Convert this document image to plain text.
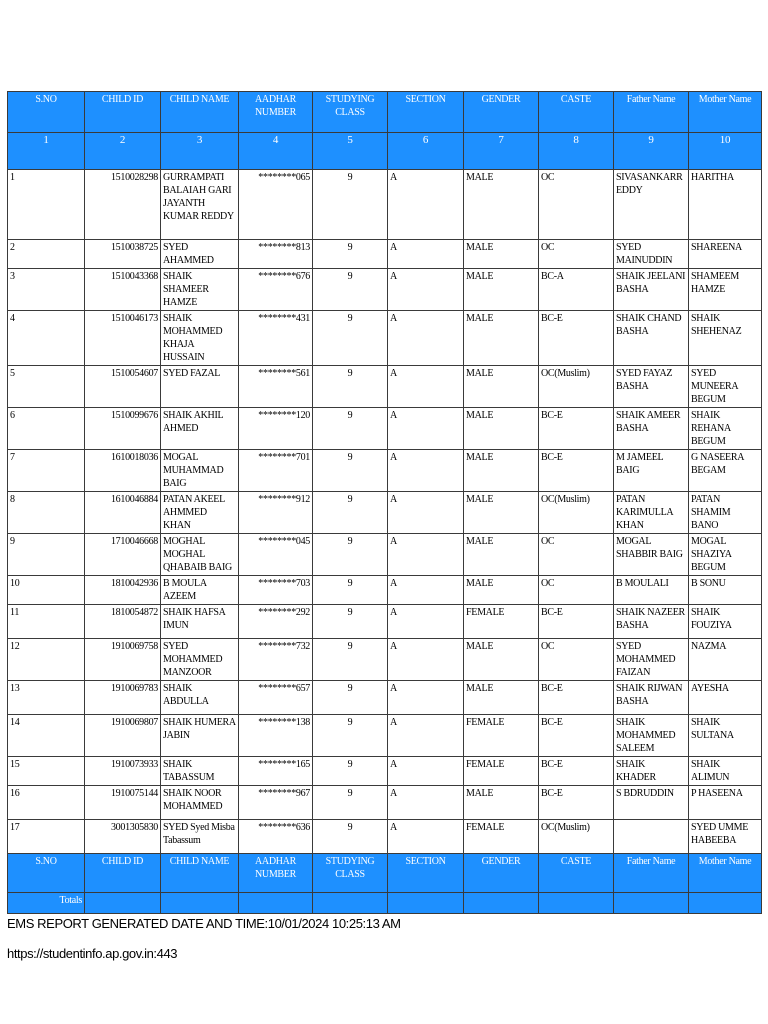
S.NO	CHILD ID	CHILD NAME	AADHAR NUMBER	STUDYING CLASS	SECTION	GENDER	CASTE	Father Name	Mother Name
1	2	3	4	5	6	7	8	9	10
1	1510028298	GURRAMPATI BALAIAH GARI JAYANTH KUMAR REDDY	********065	9	A	MALE	OC	SIVASANKARREDDY	HARITHA
2	1510038725	SYED AHAMMED	********813	9	A	MALE	OC	SYED MAINUDDIN	SHAREENA
3	1510043368	SHAIK SHAMEER HAMZE	********676	9	A	MALE	BC-A	SHAIK JEELANI BASHA	SHAMEEM HAMZE
4	1510046173	SHAIK MOHAMMED KHAJA HUSSAIN	********431	9	A	MALE	BC-E	SHAIK CHAND BASHA	SHAIK SHEHENAZ
5	1510054607	SYED FAZAL	********561	9	A	MALE	OC(Muslim)	SYED FAYAZ BASHA	SYED MUNEERA BEGUM
6	1510099676	SHAIK AKHIL AHMED	********120	9	A	MALE	BC-E	SHAIK AMEER BASHA	SHAIK REHANA BEGUM
7	1610018036	MOGAL MUHAMMAD BAIG	********701	9	A	MALE	BC-E	M JAMEEL BAIG	G NASEERA BEGAM
8	1610046884	PATAN AKEEL AHMMED KHAN	********912	9	A	MALE	OC(Muslim)	PATAN KARIMULLA KHAN	PATAN SHAMIM BANO
9	1710046668	MOGHAL MOGHAL QHABAIB BAIG	********045	9	A	MALE	OC	MOGAL SHABBIR BAIG	MOGAL SHAZIYA BEGUM
10	1810042936	B MOULA AZEEM	********703	9	A	MALE	OC	B MOULALI	B SONU
11	1810054872	SHAIK HAFSA IMUN	********292	9	A	FEMALE	BC-E	SHAIK NAZEER BASHA	SHAIK FOUZIYA
12	1910069758	SYED MOHAMMED MANZOOR	********732	9	A	MALE	OC	SYED MOHAMMED FAIZAN	NAZMA
13	1910069783	SHAIK ABDULLA	********657	9	A	MALE	BC-E	SHAIK RIJWAN BASHA	AYESHA
14	1910069807	SHAIK HUMERA JABIN	********138	9	A	FEMALE	BC-E	SHAIK MOHAMMED SALEEM	SHAIK SULTANA
15	1910073933	SHAIK TABASSUM	********165	9	A	FEMALE	BC-E	SHAIK KHADER	SHAIK ALIMUN
16	1910075144	SHAIK NOOR MOHAMMED	********967	9	A	MALE	BC-E	S BDRUDDIN	P HASEENA
17	3001305830	SYED Syed Misba Tabassum	********636	9	A	FEMALE	OC(Muslim)		SYED UMME HABEEBA
S.NO	CHILD ID	CHILD NAME	AADHAR NUMBER	STUDYING CLASS	SECTION	GENDER	CASTE	Father Name	Mother Name
Totals									
EMS REPORT GENERATED DATE AND TIME:10/01/2024 10:25:13 AM
https://studentinfo.ap.gov.in:443
